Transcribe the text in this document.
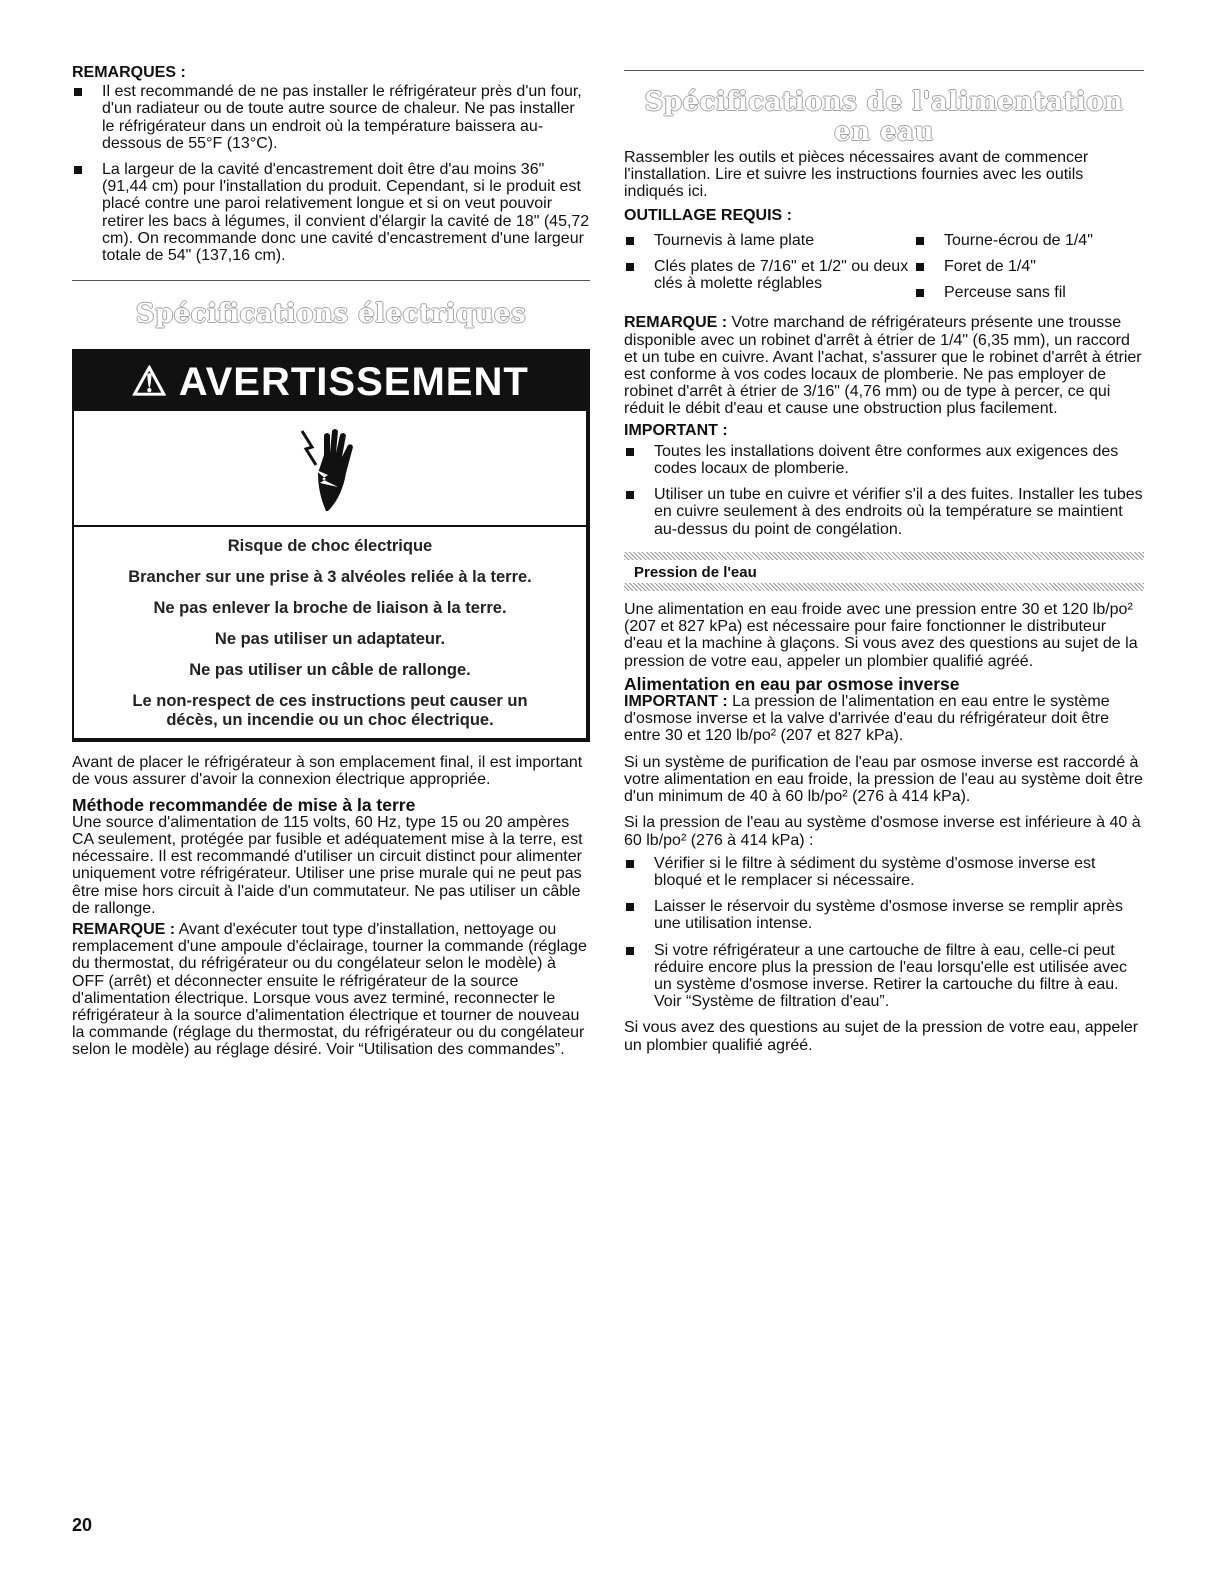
REMARQUES :

Il est recommandé de ne pas installer le réfrigérateur près d'un four, d'un radiateur ou de toute autre source de chaleur. Ne pas installer le réfrigérateur dans un endroit où la température baissera au-dessous de 55°F (13°C).
La largeur de la cavité d'encastrement doit être d'au moins 36" (91,44 cm) pour l'installation du produit. Cependant, si le produit est placé contre une paroi relativement longue et si on veut pouvoir retirer les bacs à légumes, il convient d'élargir la cavité de 18" (45,72 cm). On recommande donc une cavité d'encastrement d'une largeur totale de 54" (137,16 cm).
Spécifications électriques
⚠ AVERTISSEMENT

Risque de choc électrique

Brancher sur une prise à 3 alvéoles reliée à la terre.

Ne pas enlever la broche de liaison à la terre.

Ne pas utiliser un adaptateur.

Ne pas utiliser un câble de rallonge.

Le non-respect de ces instructions peut causer un décès, un incendie ou un choc électrique.

Avant de placer le réfrigérateur à son emplacement final, il est important de vous assurer d'avoir la connexion électrique appropriée.

Méthode recommandée de mise à la terre

Une source d'alimentation de 115 volts, 60 Hz, type 15 ou 20 ampères CA seulement, protégée par fusible et adéquatement mise à la terre, est nécessaire. Il est recommandé d'utiliser un circuit distinct pour alimenter uniquement votre réfrigérateur. Utiliser une prise murale qui ne peut pas être mise hors circuit à l'aide d'un commutateur. Ne pas utiliser un câble de rallonge.

REMARQUE : Avant d'exécuter tout type d'installation, nettoyage ou remplacement d'une ampoule d'éclairage, tourner la commande (réglage du thermostat, du réfrigérateur ou du congélateur selon le modèle) à OFF (arrêt) et déconnecter ensuite le réfrigérateur de la source d'alimentation électrique. Lorsque vous avez terminé, reconnecter le réfrigérateur à la source d'alimentation électrique et tourner de nouveau la commande (réglage du thermostat, du réfrigérateur ou du congélateur selon le modèle) au réglage désiré. Voir “Utilisation des commandes”.

Spécifications de l'alimentation en eau

Rassembler les outils et pièces nécessaires avant de commencer l'installation. Lire et suivre les instructions fournies avec les outils indiqués ici.

OUTILLAGE REQUIS :

Tournevis à lame plate
Clés plates de 7/16" et 1/2" ou deux clés à molette réglables
Tourne-écrou de 1/4"
Foret de 1/4"
Perceuse sans fil

REMARQUE : Votre marchand de réfrigérateurs présente une trousse disponible avec un robinet d'arrêt à étrier de 1/4" (6,35 mm), un raccord et un tube en cuivre. Avant l'achat, s'assurer que le robinet d'arrêt à étrier est conforme à vos codes locaux de plomberie. Ne pas employer de robinet d'arrêt à étrier de 3/16" (4,76 mm) ou de type à percer, ce qui réduit le débit d'eau et cause une obstruction plus facilement.

IMPORTANT :

Toutes les installations doivent être conformes aux exigences des codes locaux de plomberie.
Utiliser un tube en cuivre et vérifier s'il a des fuites. Installer les tubes en cuivre seulement à des endroits où la température se maintient au-dessus du point de congélation.

Pression de l'eau

Une alimentation en eau froide avec une pression entre 30 et 120 lb/po² (207 et 827 kPa) est nécessaire pour faire fonctionner le distributeur d'eau et la machine à glaçons. Si vous avez des questions au sujet de la pression de votre eau, appeler un plombier qualifié agréé.

Alimentation en eau par osmose inverse

IMPORTANT : La pression de l'alimentation en eau entre le système d'osmose inverse et la valve d'arrivée d'eau du réfrigérateur doit être entre 30 et 120 lb/po² (207 et 827 kPa).

Si un système de purification de l'eau par osmose inverse est raccordé à votre alimentation en eau froide, la pression de l'eau au système doit être d'un minimum de 40 à 60 lb/po² (276 à 414 kPa).

Si la pression de l'eau au système d'osmose inverse est inférieure à 40 à 60 lb/po² (276 à 414 kPa) :

Vérifier si le filtre à sédiment du système d'osmose inverse est bloqué et le remplacer si nécessaire.
Laisser le réservoir du système d'osmose inverse se remplir après une utilisation intense.
Si votre réfrigérateur a une cartouche de filtre à eau, celle-ci peut réduire encore plus la pression de l'eau lorsqu'elle est utilisée avec un système d'osmose inverse. Retirer la cartouche du filtre à eau. Voir “Système de filtration d'eau”.

Si vous avez des questions au sujet de la pression de votre eau, appeler un plombier qualifié agréé.

20
